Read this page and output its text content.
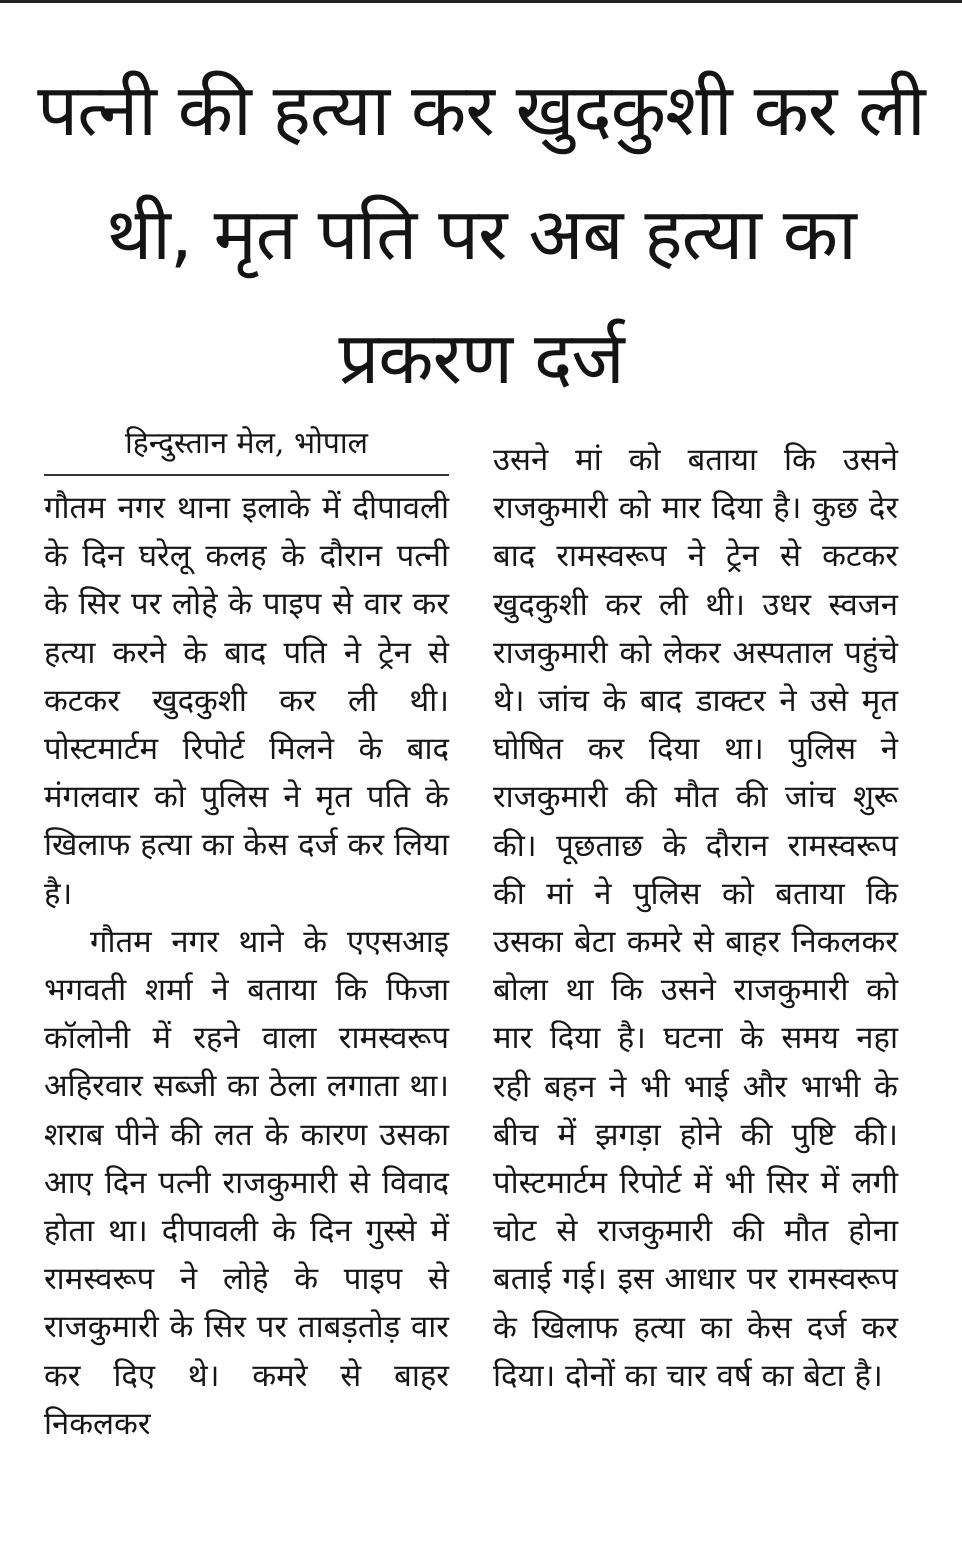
पत्नी की हत्या कर खुदकुशी कर ली थी, मृत पति पर अब हत्या का प्रकरण दर्ज
हिन्दुस्तान मेल, भोपाल

गौतम नगर थाना इलाके में दीपावली के दिन घरेलू कलह के दौरान पत्नी के सिर पर लोहे के पाइप से वार कर हत्या करने के बाद पति ने ट्रेन से कटकर खुदकुशी कर ली थी। पोस्टमार्टम रिपोर्ट मिलने के बाद मंगलवार को पुलिस ने मृत पति के खिलाफ हत्या का केस दर्ज कर लिया है।

गौतम नगर थाने के एएसआइ भगवती शर्मा ने बताया कि फिजा कॉलोनी में रहने वाला रामस्वरूप अहिरवार सब्जी का ठेला लगाता था। शराब पीने की लत के कारण उसका आए दिन पत्नी राजकुमारी से विवाद होता था। दीपावली के दिन गुस्से में रामस्वरूप ने लोहे के पाइप से राजकुमारी के सिर पर ताबड़तोड़ वार कर दिए थे। कमरे से बाहर निकलकर

उसने मां को बताया कि उसने राजकुमारी को मार दिया है। कुछ देर बाद रामस्वरूप ने ट्रेन से कटकर खुदकुशी कर ली थी। उधर स्वजन राजकुमारी को लेकर अस्पताल पहुंचे थे। जांच के बाद डाक्टर ने उसे मृत घोषित कर दिया था। पुलिस ने राजकुमारी की मौत की जांच शुरू की। पूछताछ के दौरान रामस्वरूप की मां ने पुलिस को बताया कि उसका बेटा कमरे से बाहर निकलकर बोला था कि उसने राजकुमारी को मार दिया है। घटना के समय नहा रही बहन ने भी भाई और भाभी के बीच में झगड़ा होने की पुष्टि की। पोस्टमार्टम रिपोर्ट में भी सिर में लगी चोट से राजकुमारी की मौत होना बताई गई। इस आधार पर रामस्वरूप के खिलाफ हत्या का केस दर्ज कर दिया। दोनों का चार वर्ष का बेटा है।
